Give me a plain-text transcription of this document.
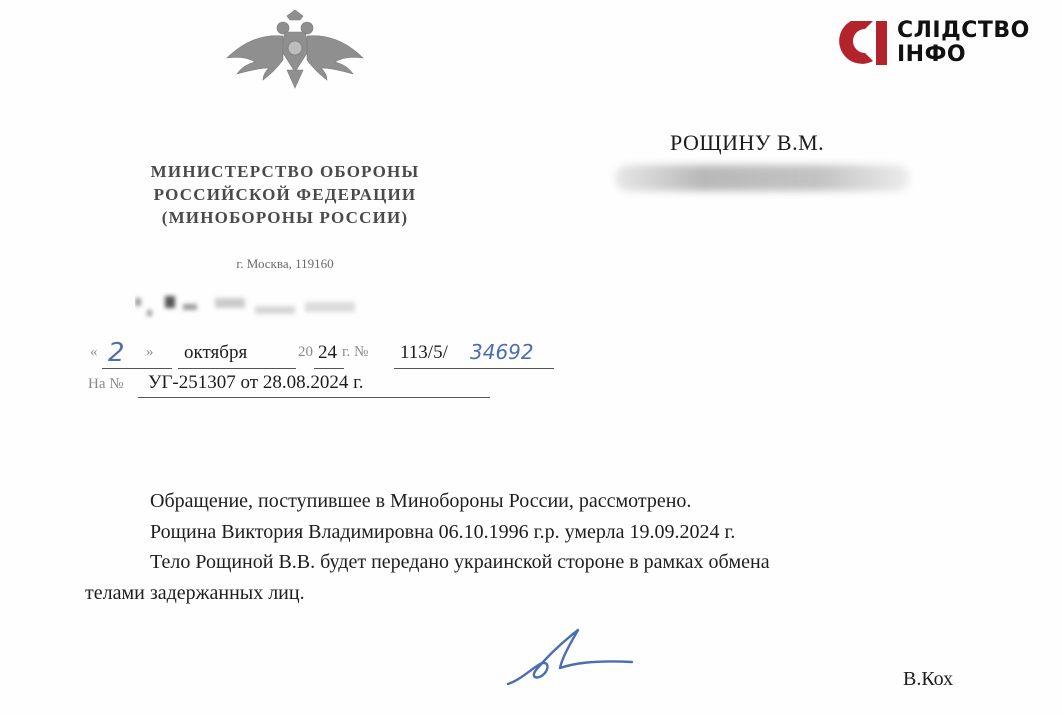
МИНИСТЕРСТВО ОБОРОНЫ
РОССИЙСКОЙ ФЕДЕРАЦИИ
(МИНОБОРОНЫ РОССИИ)
г. Москва, 119160
« 2 » октября	20 24 г. № 113/5/ 34692
На № УГ-251307 от 28.08.2024 г.
РОЩИНУ В.М.
СЛІДСТВО
ІНФО
Обращение, поступившее в Минобороны России, рассмотрено.
Рощина Виктория Владимировна 06.10.1996 г.р. умерла 19.09.2024 г.
Тело Рощиной В.В. будет передано украинской стороне в рамках обмена
телами задержанных лиц.
В.Кох
